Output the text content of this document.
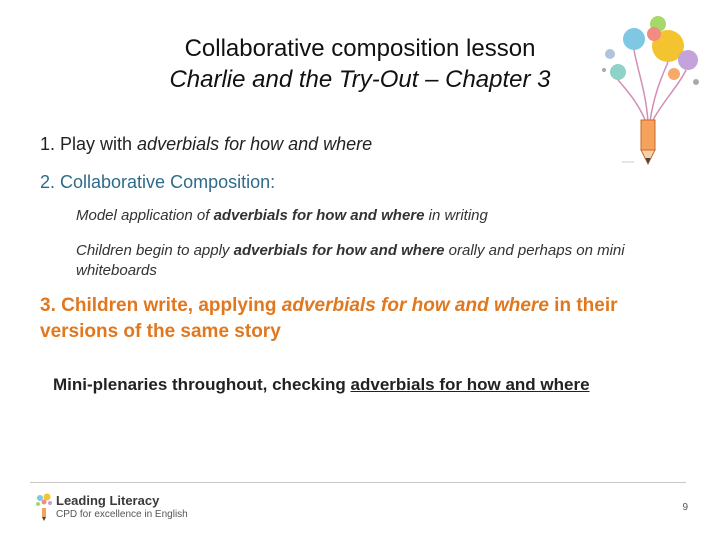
Collaborative composition lesson
Charlie and the Try-Out – Chapter 3
1. Play with adverbials for how and where
2. Collaborative Composition:
Model application of adverbials for how and where in writing
Children begin to apply adverbials for how and where orally and perhaps on mini whiteboards
3. Children write, applying adverbials for how and where in their versions of the same story
Mini-plenaries throughout, checking adverbials for how and where
Leading Literacy
CPD for excellence in English
9
